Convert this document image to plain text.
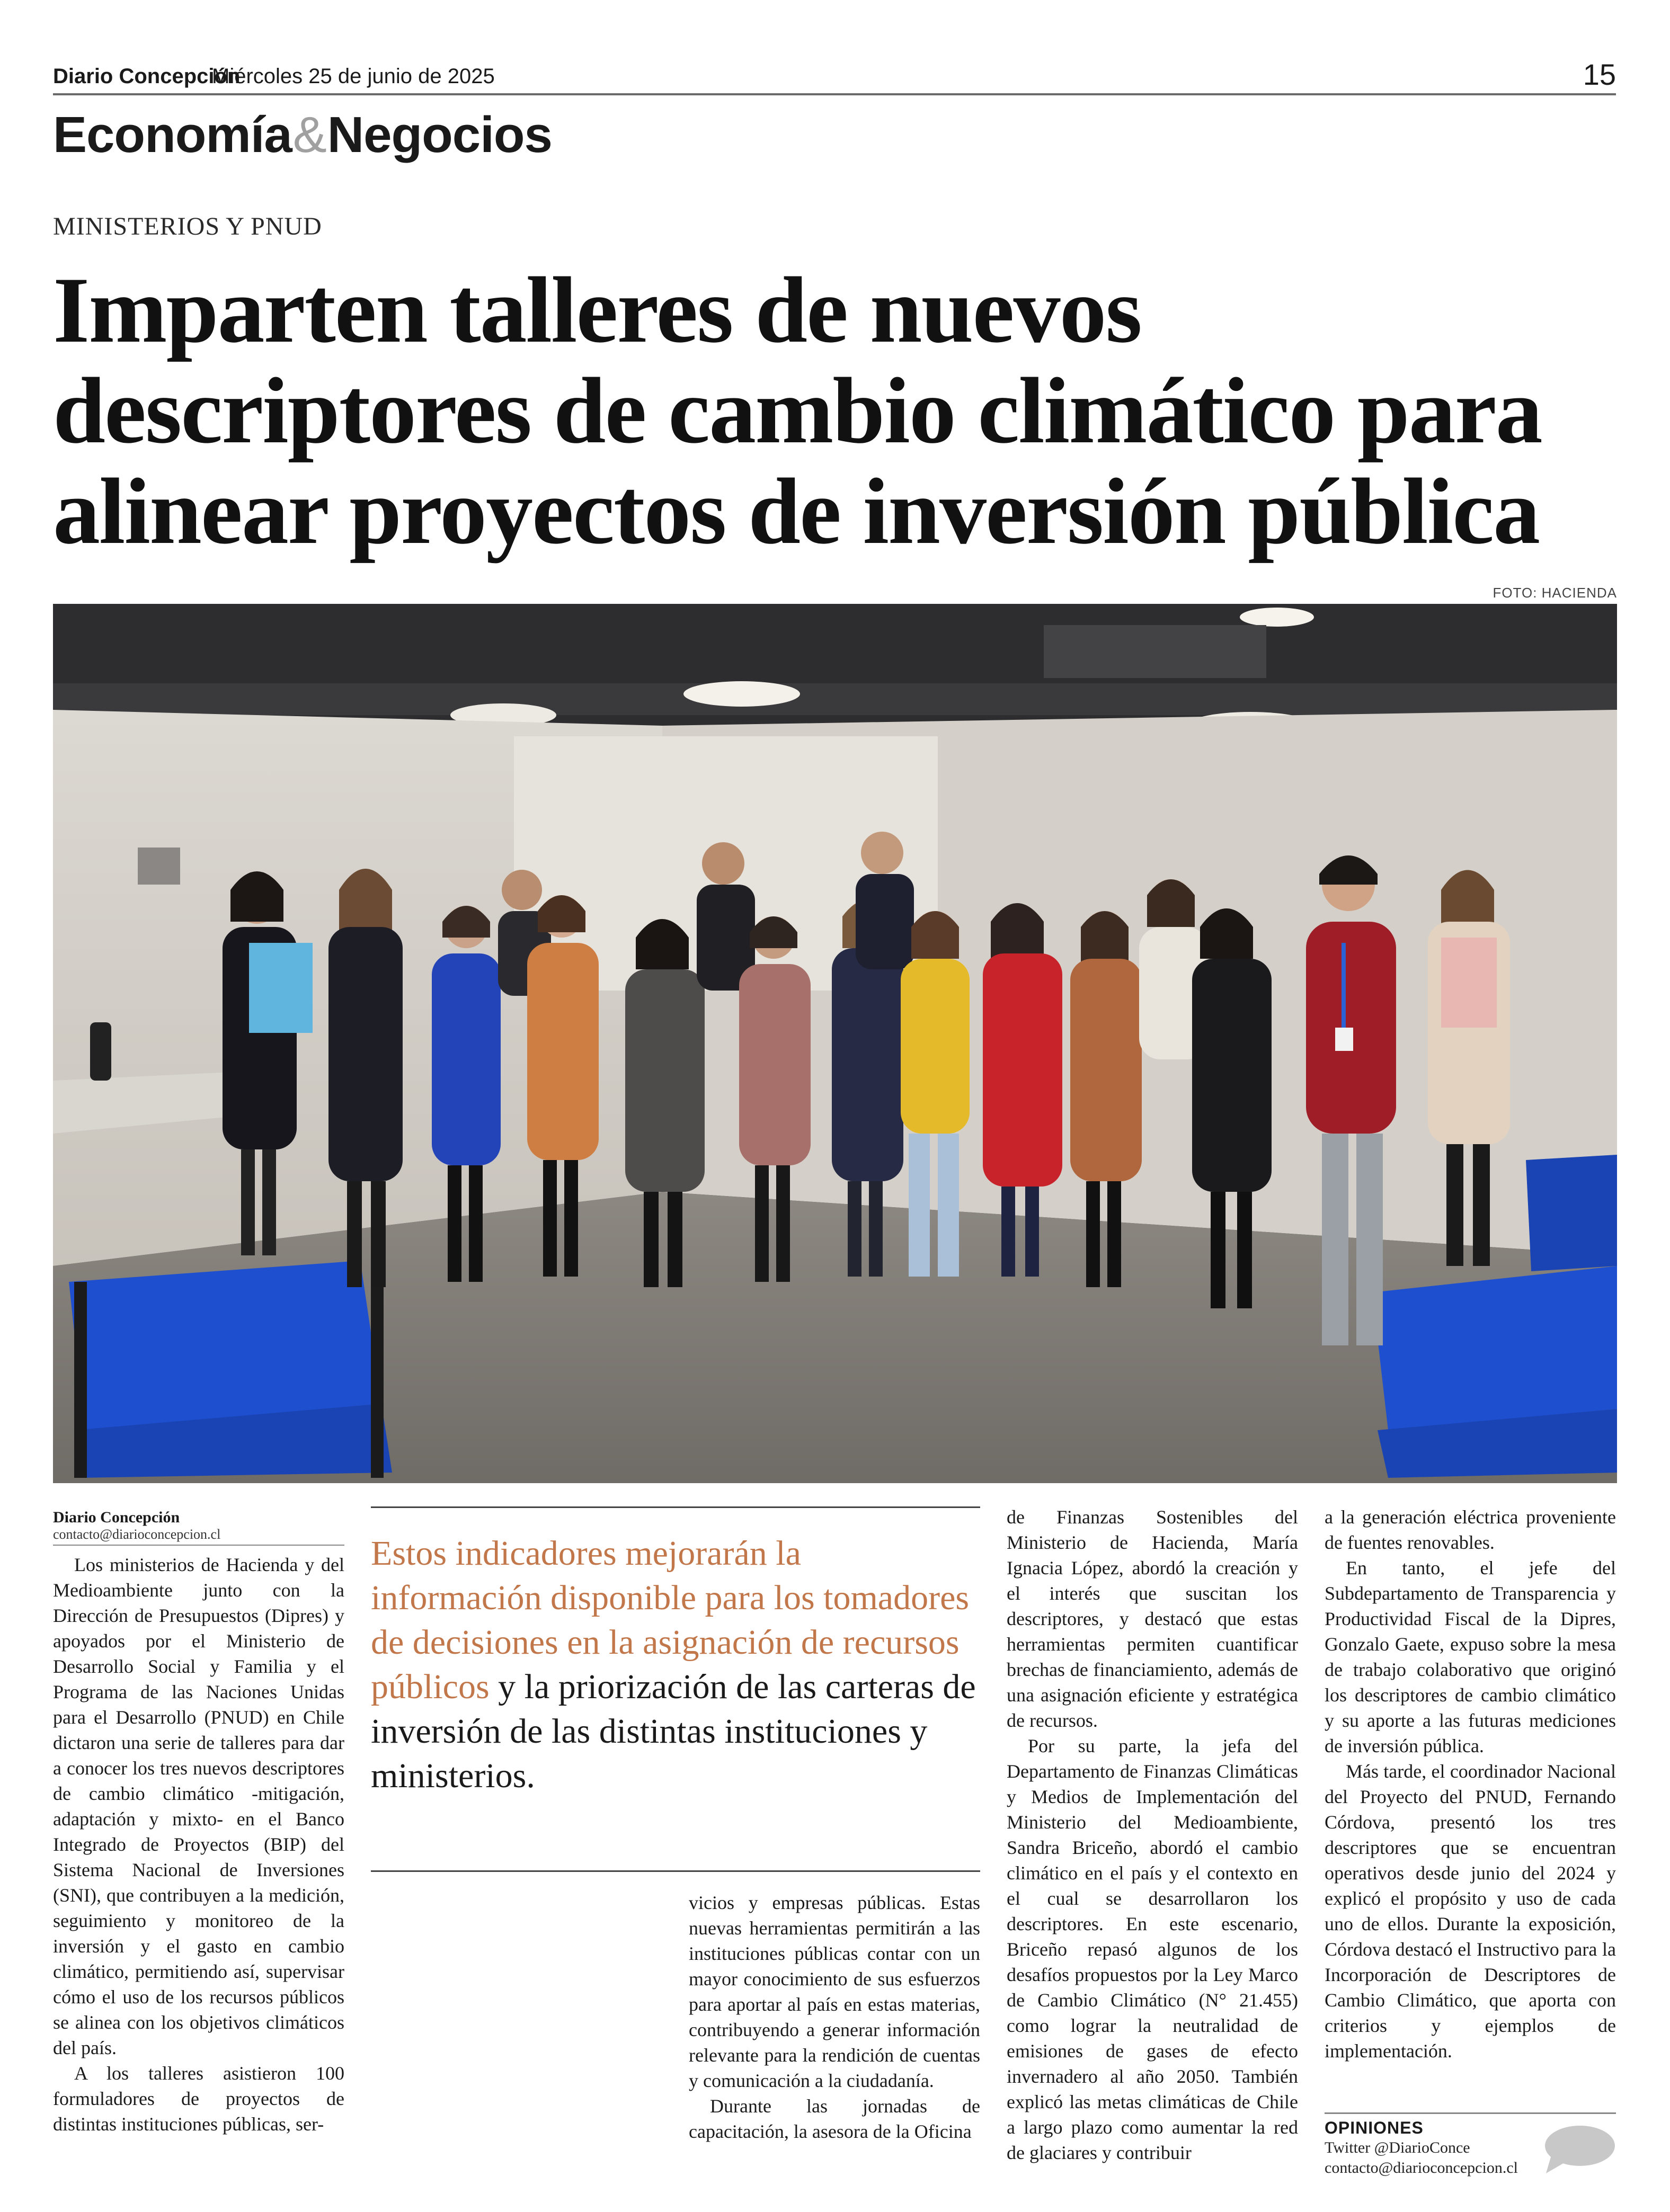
Diario Concepción
Miércoles 25 de junio de 2025	15
Economía&Negocios
MINISTERIOS Y PNUD
Imparten talleres de nuevos descriptores de cambio climático para alinear proyectos de inversión pública
FOTO: HACIENDA
Diario Concepción
contacto@diarioconcepcion.cl

Los ministerios de Hacienda y del Medioambiente junto con la Dirección de Presupuestos (Dipres) y apoyados por el Ministerio de Desarrollo Social y Familia y el Programa de las Naciones Unidas para el Desarrollo (PNUD) en Chile dictaron una serie de talleres para dar a conocer los tres nuevos descriptores de cambio climático -mitigación, adaptación y mixto- en el Banco Integrado de Proyectos (BIP) del Sistema Nacional de Inversiones (SNI), que contribuyen a la medición, seguimiento y monitoreo de la inversión y el gasto en cambio climático, permitiendo así, supervisar cómo el uso de los recursos públicos se alinea con los objetivos climáticos del país.

A los talleres asistieron 100 formuladores de proyectos de distintas instituciones públicas, ser-

Estos indicadores mejorarán la información disponible para los tomadores de decisiones en la asignación de recursos públicos y la priorización de las carteras de inversión de las distintas instituciones y ministerios.

vicios y empresas públicas. Estas nuevas herramientas permitirán a las instituciones públicas contar con un mayor conocimiento de sus esfuerzos para aportar al país en estas materias, contribuyendo a generar información relevante para la rendición de cuentas y comunicación a la ciudadanía.

Durante las jornadas de capacitación, la asesora de la Oficina

de Finanzas Sostenibles del Ministerio de Hacienda, María Ignacia López, abordó la creación y el interés que suscitan los descriptores, y destacó que estas herramientas permiten cuantificar brechas de financiamiento, además de una asignación eficiente y estratégica de recursos.

Por su parte, la jefa del Departamento de Finanzas Climáticas y Medios de Implementación del Ministerio del Medioambiente, Sandra Briceño, abordó el cambio climático en el país y el contexto en el cual se desarrollaron los descriptores. En este escenario, Briceño repasó algunos de los desafíos propuestos por la Ley Marco de Cambio Climático (N° 21.455) como lograr la neutralidad de emisiones de gases de efecto invernadero al año 2050. También explicó las metas climáticas de Chile a largo plazo como aumentar la red de glaciares y contribuir

a la generación eléctrica proveniente de fuentes renovables.

En tanto, el jefe del Subdepartamento de Transparencia y Productividad Fiscal de la Dipres, Gonzalo Gaete, expuso sobre la mesa de trabajo colaborativo que originó los descriptores de cambio climático y su aporte a las futuras mediciones de inversión pública.

Más tarde, el coordinador Nacional del Proyecto del PNUD, Fernando Córdova, presentó los tres descriptores que se encuentran operativos desde junio del 2024 y explicó el propósito y uso de cada uno de ellos. Durante la exposición, Córdova destacó el Instructivo para la Incorporación de Descriptores de Cambio Climático, que aporta con criterios y ejemplos de implementación.

OPINIONES
Twitter @DiarioConce
contacto@diarioconcepcion.cl
